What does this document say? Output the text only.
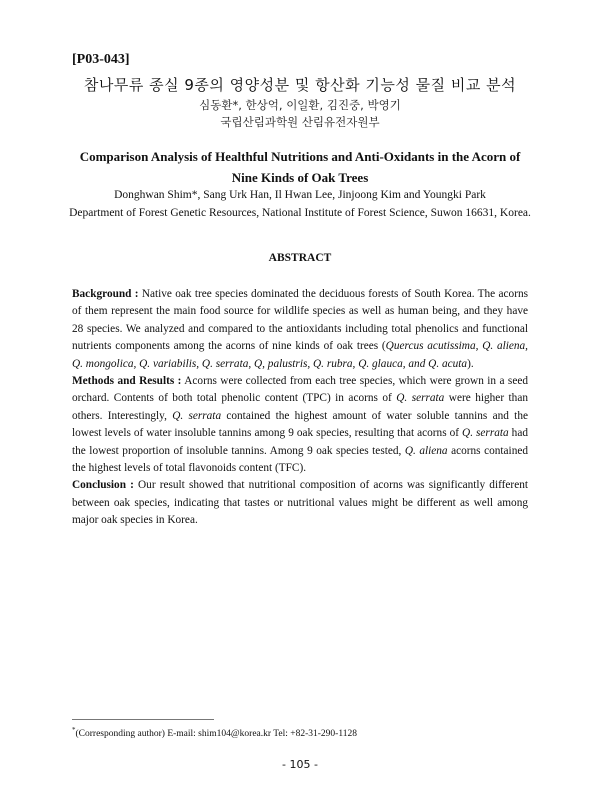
[P03-043]
참나무류 종실 9종의 영양성분 및 항산화 기능성 물질 비교 분석
심동환*, 한상억, 이일환, 김진중, 박영기
국립산림과학원 산림유전자원부
Comparison Analysis of Healthful Nutritions and Anti-Oxidants in the Acorn of
Nine Kinds of Oak Trees
Donghwan Shim*, Sang Urk Han, Il Hwan Lee, Jinjoong Kim and Youngki Park
Department of Forest Genetic Resources, National Institute of Forest Science, Suwon 16631, Korea.
ABSTRACT

Background : Native oak tree species dominated the deciduous forests of South Korea. The acorns of them represent the main food source for wildlife species as well as human being, and they have 28 species. We analyzed and compared to the antioxidants including total phenolics and functional nutrients components among the acorns of nine kinds of oak trees (Quercus acutissima, Q. aliena, Q. mongolica, Q. variabilis, Q. serrata, Q, palustris, Q. rubra, Q. glauca, and Q. acuta).

Methods and Results : Acorns were collected from each tree species, which were grown in a seed orchard. Contents of both total phenolic content (TPC) in acorns of Q. serrata were higher than others. Interestingly, Q. serrata contained the highest amount of water soluble tannins and the lowest levels of water insoluble tannins among 9 oak species, resulting that acorns of Q. serrata had the lowest proportion of insoluble tannins. Among 9 oak species tested, Q. aliena acorns contained the highest levels of total flavonoids content (TFC).

Conclusion : Our result showed that nutritional composition of acorns was significantly different between oak species, indicating that tastes or nutritional values might be different as well among major oak species in Korea.

*(Corresponding author) E-mail: shim104@korea.kr Tel: +82-31-290-1128
- 105 -
